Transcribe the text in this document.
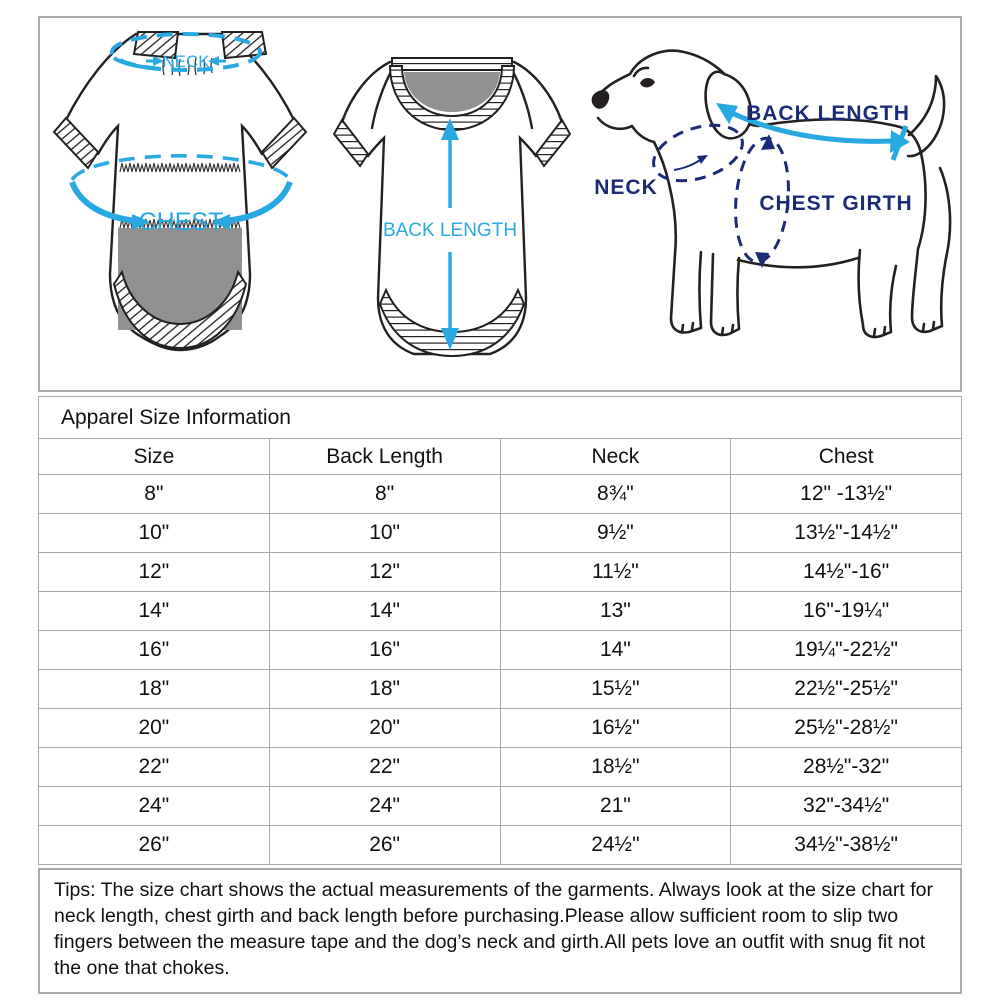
NECK
CHEST	BACK LENGTH
BACK LENGTH
NECK
CHEST GIRTH
Apparel Size Information			
Size	Back Length	Neck	Chest
8"	8"	8¾"	12" -13½"
10"	10"	9½"	13½"-14½"
12"	12"	11½"	14½"-16"
14"	14"	13"	16"-19¼"
16"	16"	14"	19¼"-22½"
18"	18"	15½"	22½"-25½"
20"	20"	16½"	25½"-28½"
22"	22"	18½"	28½"-32"
24"	24"	21"	32"-34½"
26"	26"	24½"	34½"-38½"
Tips: The size chart shows the actual measurements of the garments. Always look at the size chart for neck length, chest girth and back length before purchasing.Please allow sufficient room to slip two fingers between the measure tape and the dog’s neck and girth.All pets love an outfit with snug fit not the one that chokes.
